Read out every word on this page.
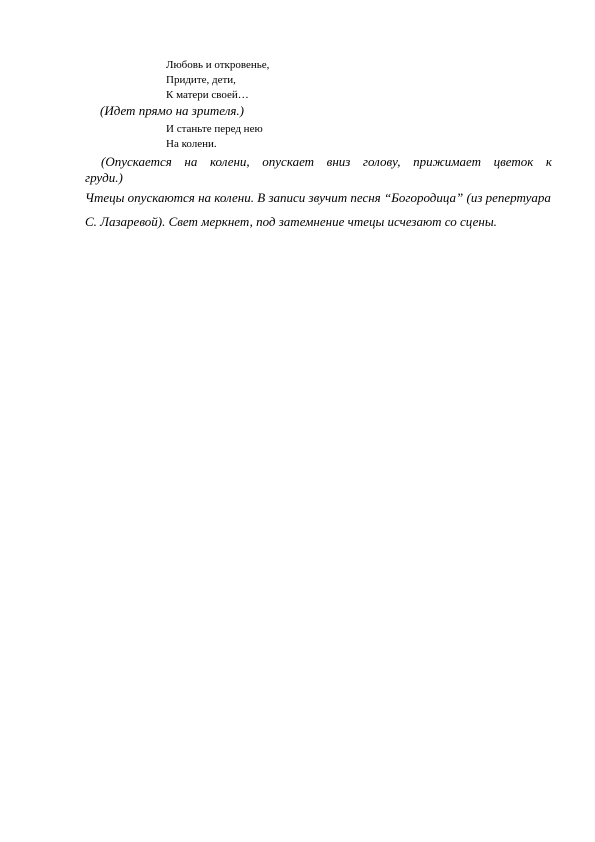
Любовь и откровенье,
Придите, дети,
К матери своей…
(Идет прямо на зрителя.)
И станьте перед нею
На колени.
(Опускается на колени, опускает вниз голову, прижимает цветок к
груди.)
Чтецы опускаются на колени. В записи звучит песня “Богородица” (из репертуара С. Лазаревой). Свет меркнет, под затемнение чтецы исчезают со сцены.
